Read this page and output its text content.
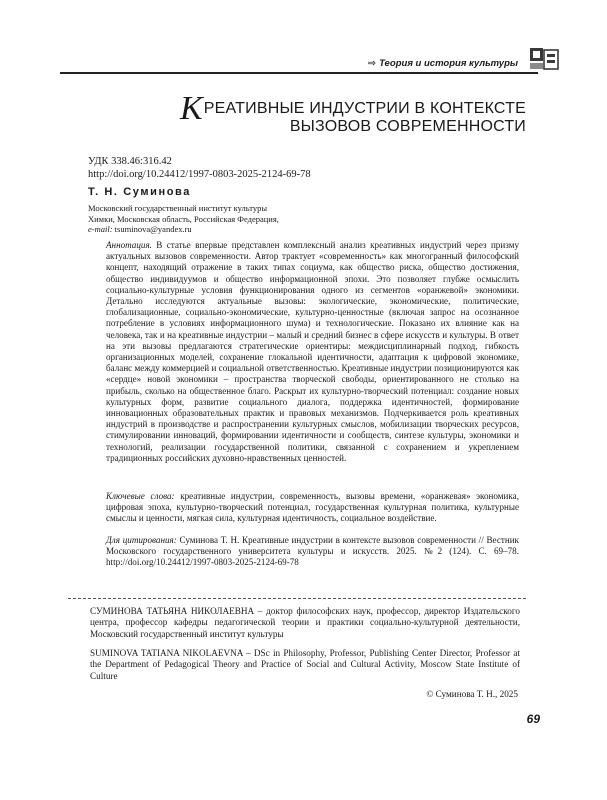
⇨ Теория и история культуры
КРЕАТИВНЫЕ ИНДУСТРИИ В КОНТЕКСТЕ
ВЫЗОВОВ СОВРЕМЕННОСТИ
УДК 338.46:316.42
http://doi.org/10.24412/1997-0803-2025-2124-69-78
Т. Н. Суминова
Московский государственный институт культуры
Химки, Московская область, Российская Федерация,
e-mail: tsuminova@yandex.ru
Аннотация. В статье впервые представлен комплексный анализ креативных индустрий через призму актуальных вызовов современности. Автор трактует «современность» как многогранный философский концепт, находящий отражение в таких типах социума, как общество риска, общество достижения, общество индивидуумов и общество информационной эпохи. Это позволяет глубже осмыслить социально-культурные условия функционирования одного из сегментов «оранжевой» экономики. Детально исследуются актуальные вызовы: экологические, экономические, политические, глобализационные, социально-экономические, культурно-ценностные (включая запрос на осознанное потребление в условиях информационного шума) и технологические. Показано их влияние как на человека, так и на креативные индустрии – малый и средний бизнес в сфере искусств и культуры. В ответ на эти вызовы предлагаются стратегические ориентиры: междисциплинарный подход, гибкость организационных моделей, сохранение глокальной идентичности, адаптация к цифровой экономике, баланс между коммерцией и социальной ответственностью. Креативные индустрии позиционируются как «сердце» новой экономики – пространства творческой свободы, ориентированного не столько на прибыль, сколько на общественное благо. Раскрыт их культурно-творческий потенциал: создание новых культурных форм, развитие социального диалога, поддержка идентичностей, формирование инновационных образовательных практик и правовых механизмов. Подчеркивается роль креативных индустрий в производстве и распространении культурных смыслов, мобилизации творческих ресурсов, стимулировании инноваций, формировании идентичности и сообществ, синтезе культуры, экономики и технологий, реализации государственной политики, связанной с сохранением и укреплением традиционных российских духовно-нравственных ценностей.
Ключевые слова: креативные индустрии, современность, вызовы времени, «оранжевая» экономика, цифровая эпоха, культурно-творческий потенциал, государственная культурная политика, культурные смыслы и ценности, мягкая сила, культурная идентичность, социальное воздействие.
Для цитирования: Суминова Т. Н. Креативные индустрии в контексте вызовов современности // Вестник Московского государственного университета культуры и искусств. 2025. №2 (124). С. 69–78. http://doi.org/10.24412/1997-0803-2025-2124-69-78
СУМИНОВА ТАТЬЯНА НИКОЛАЕВНА – доктор философских наук, профессор, директор Издательского центра, профессор кафедры педагогической теории и практики социально-культурной деятельности, Московский государственный институт культуры
SUMINOVA TATIANA NIKOLAEVNA – DSc in Philosophy, Professor, Publishing Center Director, Professor at the Department of Pedagogical Theory and Practice of Social and Cultural Activity, Moscow State Institute of Culture
© Суминова Т. Н., 2025
69
